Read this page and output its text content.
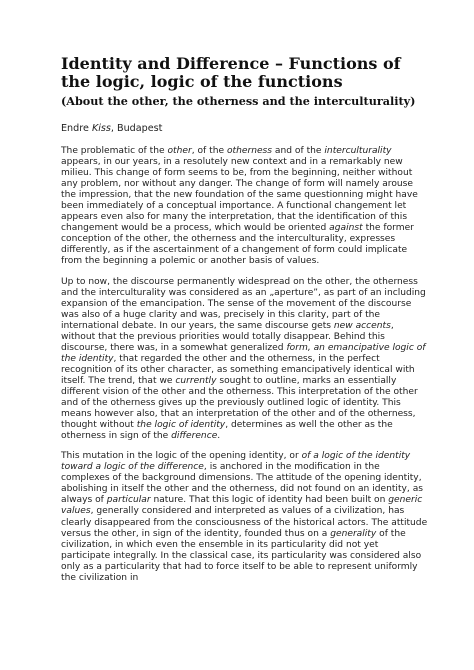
Identity and Difference – Functions of the logic, logic of the functions
(About the other, the otherness and the interculturality)
Endre Kiss, Budapest

The problematic of the other, of the otherness and of the interculturality appears, in our years, in a resolutely new context and in a remarkably new milieu. This change of form seems to be, from the beginning, neither without any problem, nor without any danger. The change of form will namely arouse the impression, that the new foundation of the same questionning might have been immediately of a conceptual importance. A functional changement let appears even also for many the interpretation, that the identification of this changement would be a process, which would be oriented against the former conception of the other, the otherness and the interculturality, expresses differently, as if the ascertainment of a changement of form could implicate from the beginning a polemic or another basis of values.

Up to now, the discourse permanently widespread on the other, the otherness and the interculturality was considered as an „aperture”, as part of an including expansion of the emancipation. The sense of the movement of the discourse was also of a huge clarity and was, precisely in this clarity, part of the international debate. In our years, the same discourse gets new accents, without that the previous priorities would totally disappear. Behind this discourse, there was, in a somewhat generalized form, an emancipative logic of the identity, that regarded the other and the otherness, in the perfect recognition of its other character, as something emancipatively identical with itself. The trend, that we currently sought to outline, marks an essentially different vision of the other and the otherness. This interpretation of the other and of the otherness gives up the previously outlined logic of identity. This means however also, that an interpretation of the other and of the otherness, thought without the logic of identity, determines as well the other as the otherness in sign of the difference.

This mutation in the logic of the opening identity, or of a logic of the identity toward a logic of the difference, is anchored in the modification in the complexes of the background dimensions. The attitude of the opening identity, abolishing in itself the other and the otherness, did not found on an identity, as always of particular nature. That this logic of identity had been built on generic values, generally considered and interpreted as values of a civilization, has clearly disappeared from the consciousness of the historical actors. The attitude versus the other, in sign of the identity, founded thus on a generality of the civilization, in which even the ensemble in its particularity did not yet participate integrally. In the classical case, its particularity was considered also only as a particularity that had to force itself to be able to represent uniformly the civilization in
